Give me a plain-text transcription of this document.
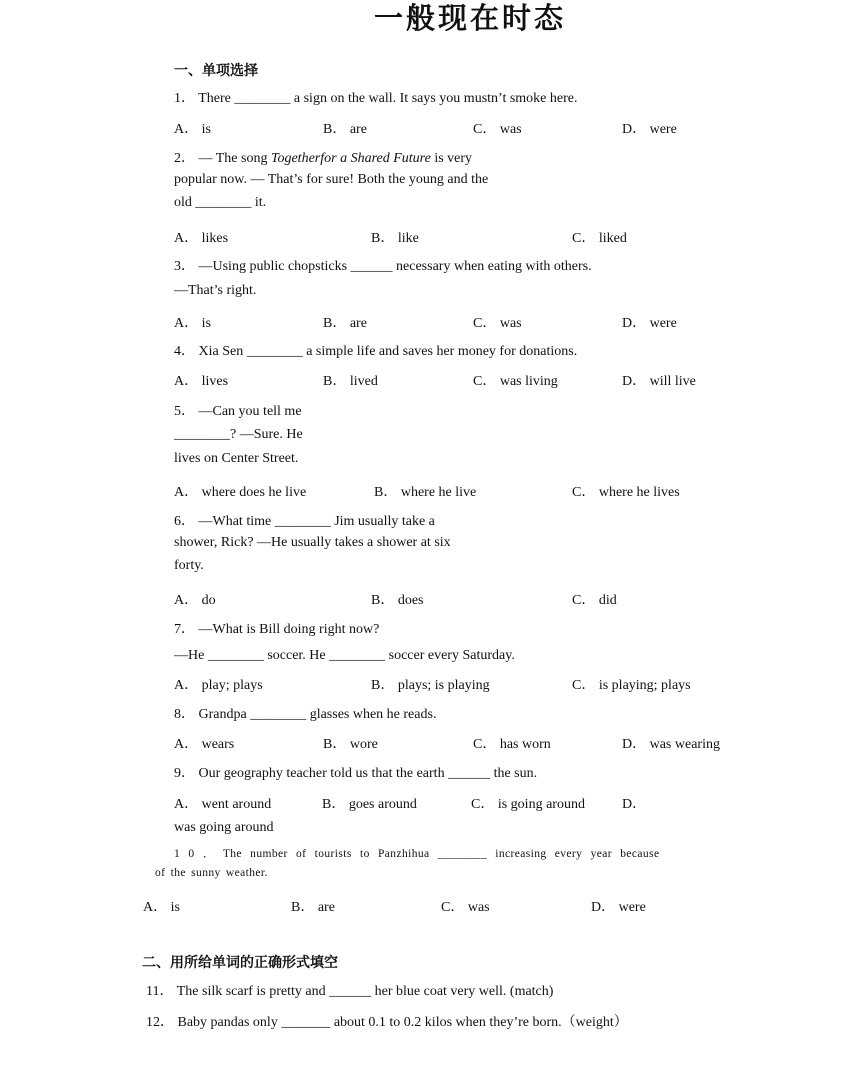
一般现在时态
一、单项选择
1． There ________ a sign on the wall. It says you mustn’t smoke here.
A． is	B． are	C． was	D． were
2． — The song Togetherfor a Shared Future is very
popular now. — That’s for sure! Both the young and the
old ________ it.
A． likes	B． like	C． liked
3． —Using public chopsticks ______ necessary when eating with others.
—That’s right.
A． is	B． are	C． was	D． were
4． Xia Sen ________ a simple life and saves her money for donations.
A． lives	B． lived	C． was living	D． will live
5． —Can you tell me
________? —Sure. He
lives on Center Street.
A． where does he live	B． where he live	C． where he lives
6． —What time ________ Jim usually take a
shower, Rick? —He usually takes a shower at six
forty.
A． do	B． does	C． did
7． —What is Bill doing right now?
—He ________ soccer. He ________ soccer every Saturday.
A． play; plays	B． plays; is playing	C． is playing; plays
8． Grandpa ________ glasses when he reads.
A． wears	B． wore	C． has worn	D． was wearing
9． Our geography teacher told us that the earth ______ the sun.
A． went around	B． goes around	C． is going around	D．
was going around
1 0 ． The number of tourists to Panzhihua ________ increasing every year because
of the sunny weather.
A． is	B． are	C． was	D． were
二、用所给单词的正确形式填空
11． The silk scarf is pretty and ______ her blue coat very well. (match)
12． Baby pandas only _______ about 0.1 to 0.2 kilos when they’re born.（weight）
